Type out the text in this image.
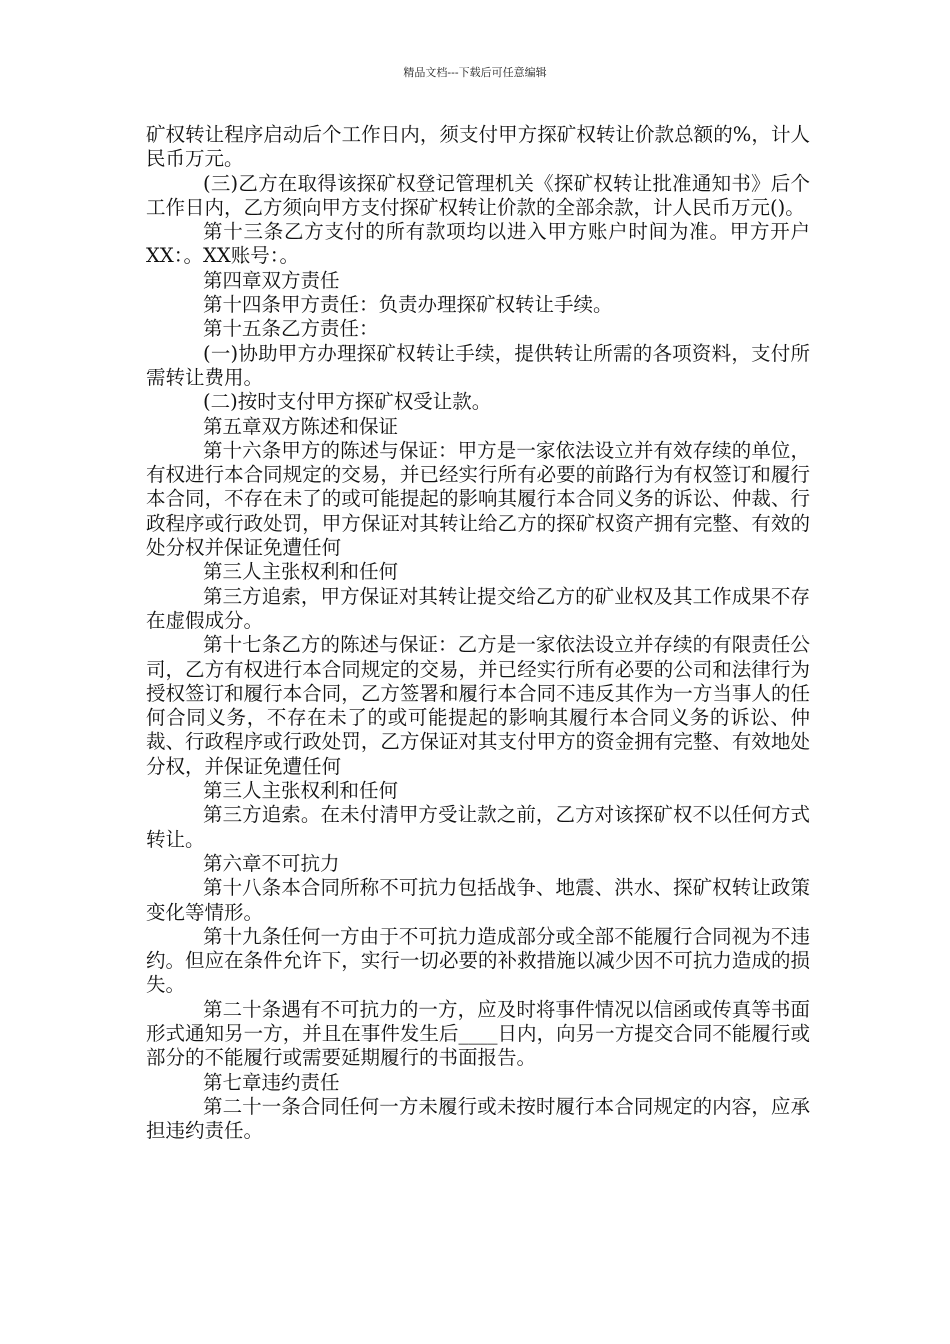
精品文档---下载后可任意编辑

矿权转让程序启动后个工作日内，须支付甲方探矿权转让价款总额的%，计人民币万元。

(三)乙方在取得该探矿权登记管理机关《探矿权转让批准通知书》后个工作日内，乙方须向甲方支付探矿权转让价款的全部余款，计人民币万元()。

第十三条乙方支付的所有款项均以进入甲方账户时间为准。甲方开户XX：。XX账号：。

第四章双方责任

第十四条甲方责任：负责办理探矿权转让手续。

第十五条乙方责任：

(一)协助甲方办理探矿权转让手续，提供转让所需的各项资料，支付所需转让费用。

(二)按时支付甲方探矿权受让款。

第五章双方陈述和保证

第十六条甲方的陈述与保证：甲方是一家依法设立并有效存续的单位，有权进行本合同规定的交易，并已经实行所有必要的前路行为有权签订和履行本合同，不存在未了的或可能提起的影响其履行本合同义务的诉讼、仲裁、行政程序或行政处罚，甲方保证对其转让给乙方的探矿权资产拥有完整、有效的处分权并保证免遭任何

第三人主张权利和任何

第三方追索，甲方保证对其转让提交给乙方的矿业权及其工作成果不存在虚假成分。

第十七条乙方的陈述与保证：乙方是一家依法设立并存续的有限责任公司，乙方有权进行本合同规定的交易，并已经实行所有必要的公司和法律行为授权签订和履行本合同，乙方签署和履行本合同不违反其作为一方当事人的任何合同义务，不存在未了的或可能提起的影响其履行本合同义务的诉讼、仲裁、行政程序或行政处罚，乙方保证对其支付甲方的资金拥有完整、有效地处分权，并保证免遭任何

第三人主张权利和任何

第三方追索。在未付清甲方受让款之前，乙方对该探矿权不以任何方式转让。

第六章不可抗力

第十八条本合同所称不可抗力包括战争、地震、洪水、探矿权转让政策变化等情形。

第十九条任何一方由于不可抗力造成部分或全部不能履行合同视为不违约。但应在条件允许下，实行一切必要的补救措施以减少因不可抗力造成的损失。

第二十条遇有不可抗力的一方，应及时将事件情况以信函或传真等书面形式通知另一方，并且在事件发生后____日内，向另一方提交合同不能履行或部分的不能履行或需要延期履行的书面报告。

第七章违约责任

第二十一条合同任何一方未履行或未按时履行本合同规定的内容，应承担违约责任。
